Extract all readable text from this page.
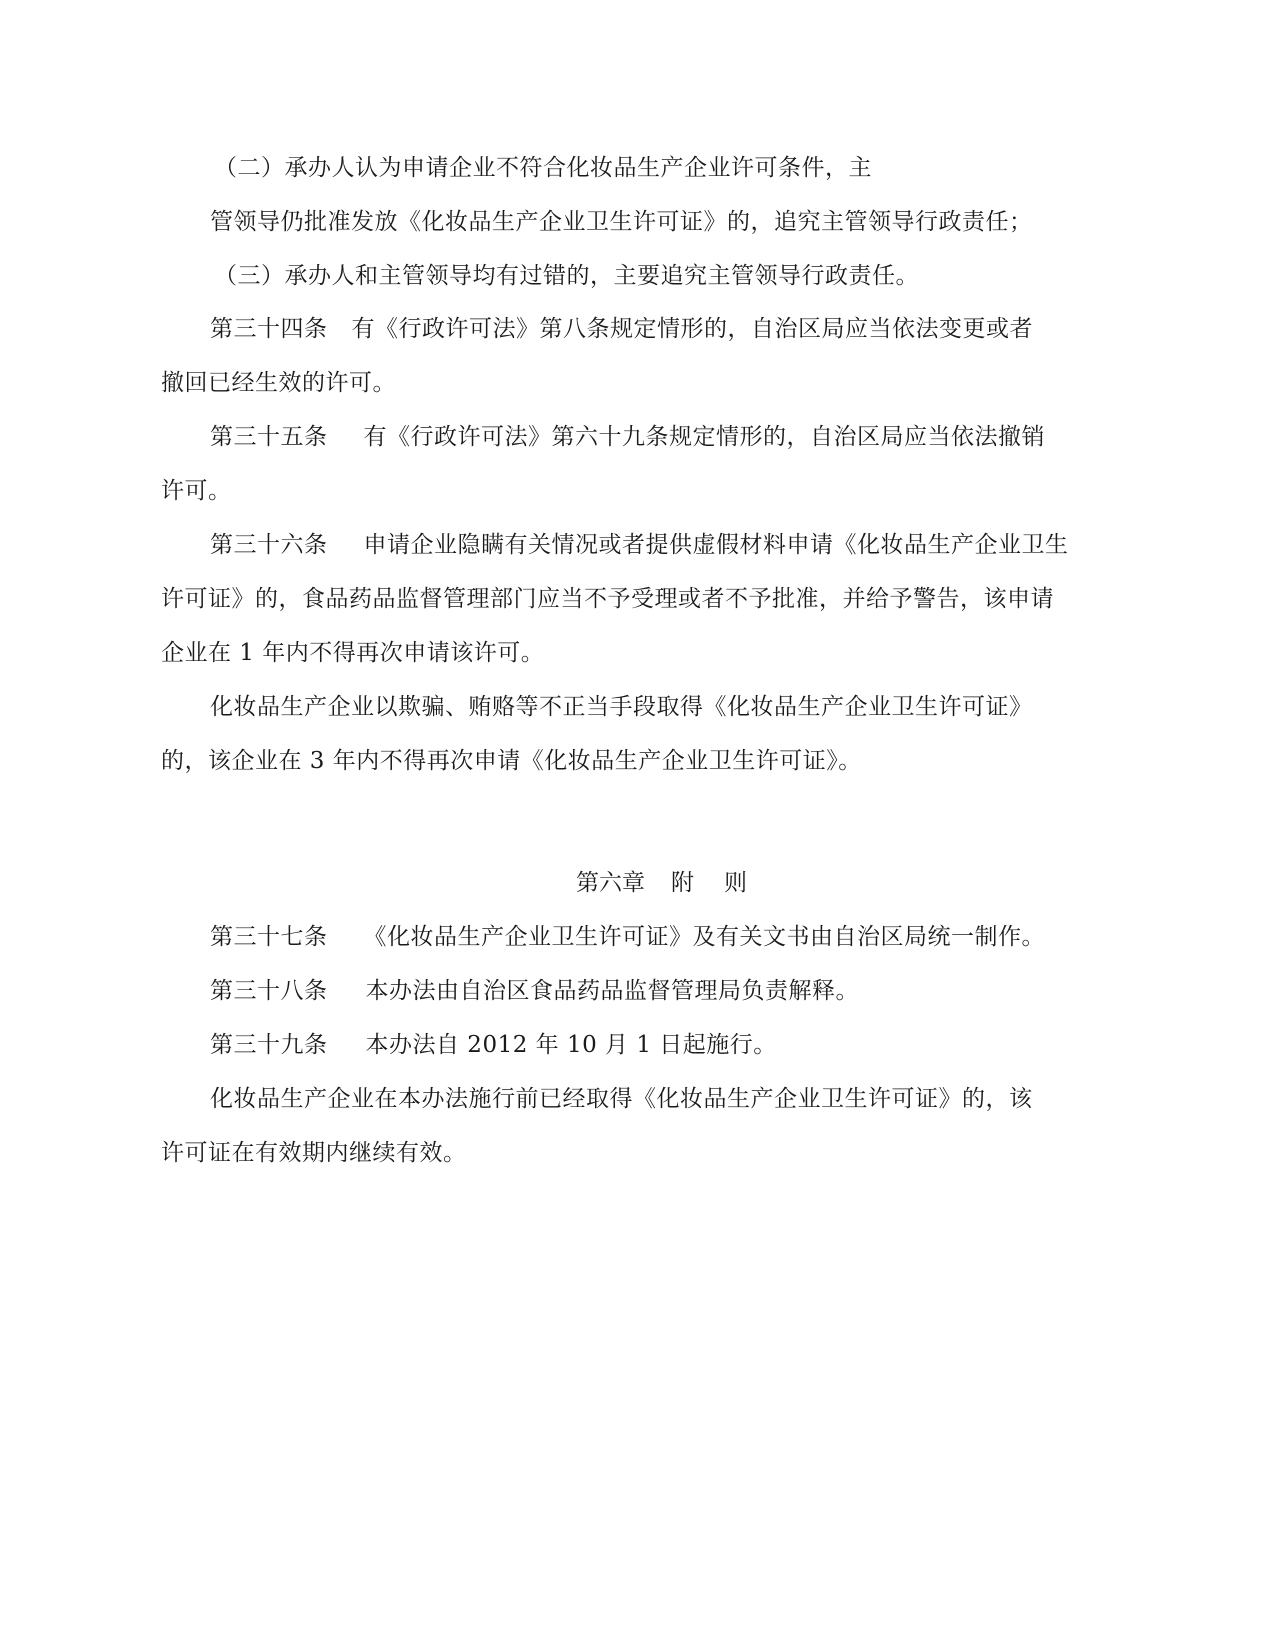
（二）承办人认为申请企业不符合化妆品生产企业许可条件，主
管领导仍批准发放《化妆品生产企业卫生许可证》的，追究主管领导行政责任；
（三）承办人和主管领导均有过错的，主要追究主管领导行政责任。
第三十四条 有《行政许可法》第八条规定情形的，自治区局应当依法变更或者
撤回已经生效的许可。
第三十五条 有《行政许可法》第六十九条规定情形的，自治区局应当依法撤销
许可。
第三十六条 申请企业隐瞒有关情况或者提供虚假材料申请《化妆品生产企业卫生
许可证》的，食品药品监督管理部门应当不予受理或者不予批准，并给予警告，该申请
企业在 1 年内不得再次申请该许可。
化妆品生产企业以欺骗、贿赂等不正当手段取得《化妆品生产企业卫生许可证》
的，该企业在 3 年内不得再次申请《化妆品生产企业卫生许可证》。
第六章 附 则
第三十七条 《化妆品生产企业卫生许可证》及有关文书由自治区局统一制作。
第三十八条 本办法由自治区食品药品监督管理局负责解释。
第三十九条 本办法自 2012 年 10 月 1 日起施行。
化妆品生产企业在本办法施行前已经取得《化妆品生产企业卫生许可证》的，该
许可证在有效期内继续有效。
